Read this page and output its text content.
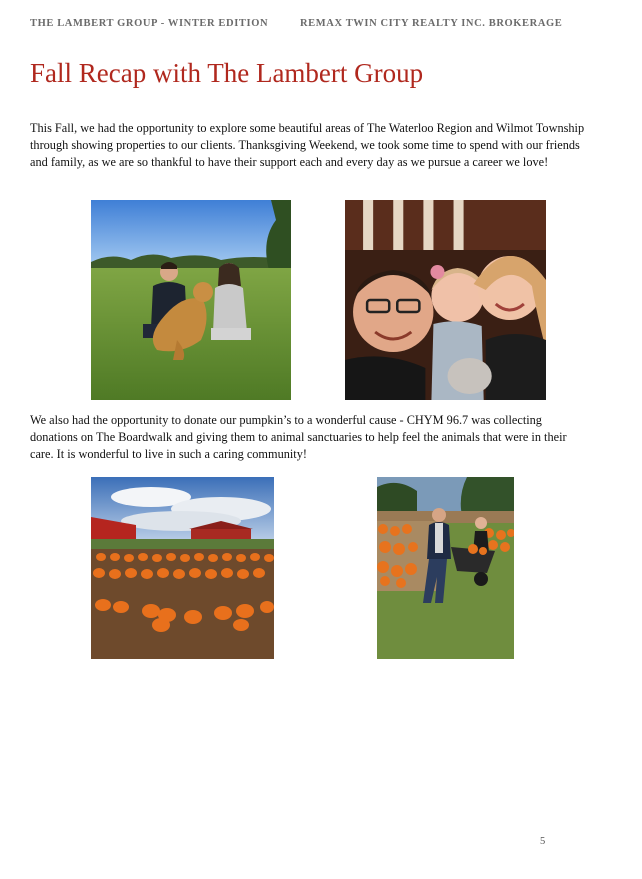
THE LAMBERT GROUP - WINTER EDITION	REMAX TWIN CITY REALTY INC. BROKERAGE
Fall Recap with The Lambert Group

This Fall, we had the opportunity to explore some beautiful areas of The Waterloo Region and Wilmot Township through showing properties to our clients. Thanksgiving Weekend, we took some time to spend with our friends and family, as we are so thankful to have their support each and every day as we pursue a career we love!

We also had the opportunity to donate our pumpkin’s to a wonderful cause - CHYM 96.7 was collecting donations on The Boardwalk and giving them to animal sanctuaries to help feel the animals that were in their care. It is wonderful to live in such a caring community!

5
